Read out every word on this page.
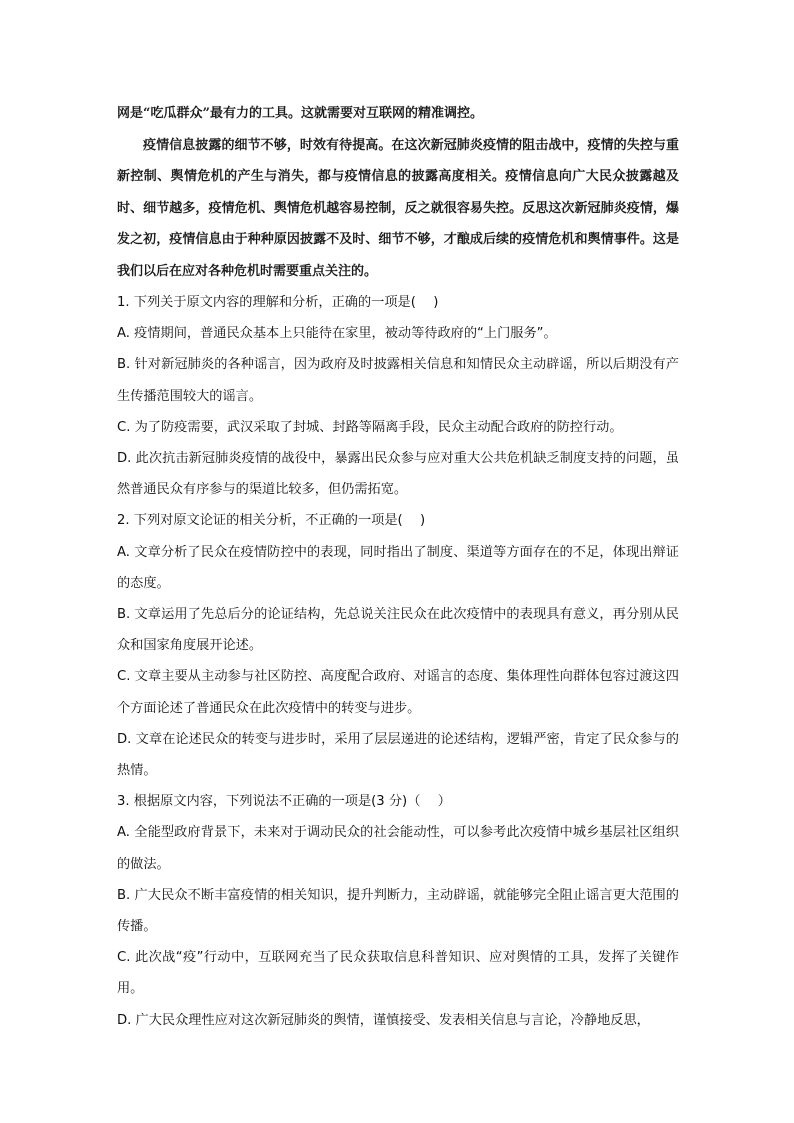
网是“吃瓜群众”最有力的工具。这就需要对互联网的精准调控。

疫情信息披露的细节不够，时效有待提高。在这次新冠肺炎疫情的阻击战中，疫情的失控与重新控制、舆情危机的产生与消失，都与疫情信息的披露高度相关。疫情信息向广大民众披露越及时、细节越多，疫情危机、舆情危机越容易控制，反之就很容易失控。反思这次新冠肺炎疫情，爆发之初，疫情信息由于种种原因披露不及时、细节不够，才酿成后续的疫情危机和舆情事件。这是我们以后在应对各种危机时需要重点关注的。

1. 下列关于原文内容的理解和分析，正确的一项是(　 )

A. 疫情期间，普通民众基本上只能待在家里，被动等待政府的“上门服务”。

B. 针对新冠肺炎的各种谣言，因为政府及时披露相关信息和知情民众主动辟谣，所以后期没有产生传播范围较大的谣言。

C. 为了防疫需要，武汉采取了封城、封路等隔离手段，民众主动配合政府的防控行动。

D. 此次抗击新冠肺炎疫情的战役中，暴露出民众参与应对重大公共危机缺乏制度支持的问题，虽然普通民众有序参与的渠道比较多，但仍需拓宽。

2. 下列对原文论证的相关分析，不正确的一项是(　 )

A. 文章分析了民众在疫情防控中的表现，同时指出了制度、渠道等方面存在的不足，体现出辩证的态度。

B. 文章运用了先总后分的论证结构，先总说关注民众在此次疫情中的表现具有意义，再分别从民众和国家角度展开论述。

C. 文章主要从主动参与社区防控、高度配合政府、对谣言的态度、集体理性向群体包容过渡这四个方面论述了普通民众在此次疫情中的转变与进步。

D. 文章在论述民众的转变与进步时，采用了层层递进的论述结构，逻辑严密，肯定了民众参与的热情。

3. 根据原文内容，下列说法不正确的一项是(3 分)（　 ）

A. 全能型政府背景下，未来对于调动民众的社会能动性，可以参考此次疫情中城乡基层社区组织的做法。

B. 广大民众不断丰富疫情的相关知识，提升判断力，主动辟谣，就能够完全阻止谣言更大范围的传播。

C. 此次战“疫”行动中，互联网充当了民众获取信息科普知识、应对舆情的工具，发挥了关键作用。

D. 广大民众理性应对这次新冠肺炎的舆情，谨慎接受、发表相关信息与言论，冷静地反思，
